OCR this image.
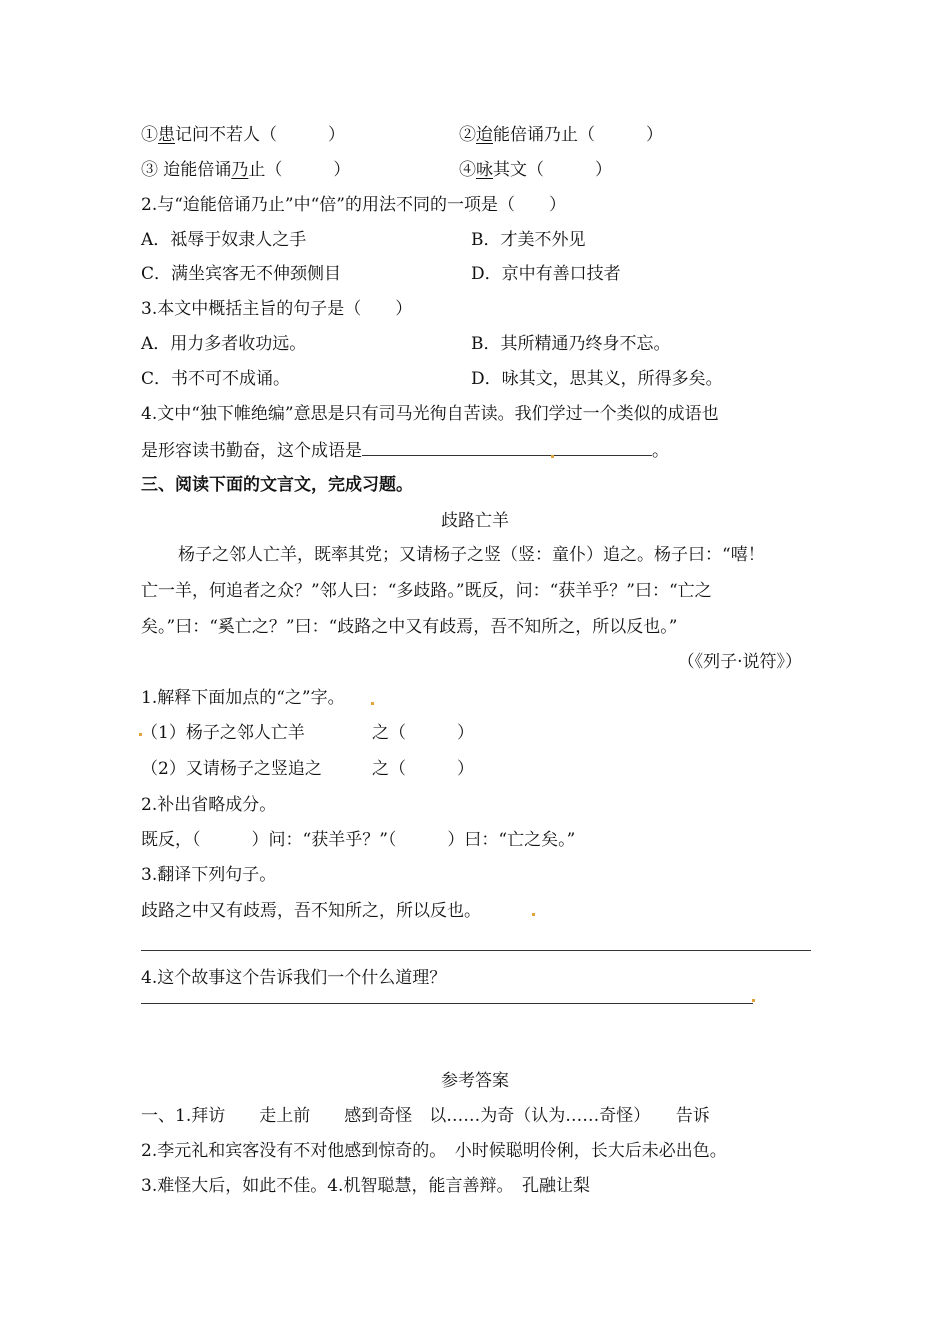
①患记问不若人（　　　）	②迨能倍诵乃止（　　　）
③ 迨能倍诵乃止（　　　）	④咏其文（　　　）
2.与“迨能倍诵乃止”中“倍”的用法不同的一项是（　　）
A．祗辱于奴隶人之手	B．才美不外见
C．满坐宾客无不伸颈侧目	D．京中有善口技者
3.本文中概括主旨的句子是（　　）
A．用力多者收功远。	B．其所精通乃终身不忘。
C．书不可不成诵。	D．咏其文，思其义，所得多矣。
4.文中“独下帷绝编”意思是只有司马光徇自苦读。我们学过一个类似的成语也
是形容读书勤奋，这个成语是	。
三、阅读下面的文言文，完成习题。
歧路亡羊
杨子之邻人亡羊，既率其党；又请杨子之竖（竖：童仆）追之。杨子曰：“嘻！
亡一羊，何追者之众？”邻人曰：“多歧路。”既反，问：“获羊乎？”曰：“亡之
矣。”曰：“奚亡之？”曰：“歧路之中又有歧焉，吾不知所之，所以反也。”
（《列子·说符》）
1.解释下面加点的“之”字。
（1）杨子之邻人亡羊	之（　　　）
（2）又请杨子之竖追之	之（　　　）
2.补出省略成分。
既反，（　　　）问：“获羊乎？”（　　　）曰：“亡之矣。”
3.翻译下列句子。
歧路之中又有歧焉，吾不知所之，所以反也。
4.这个故事这个告诉我们一个什么道理？
参考答案
一、1.拜访　　走上前　　感到奇怪　以……为奇（认为……奇怪）　　告诉
2.李元礼和宾客没有不对他感到惊奇的。　小时候聪明伶俐，长大后未必出色。
3.难怪大后，如此不佳。4.机智聪慧，能言善辩。　孔融让梨
